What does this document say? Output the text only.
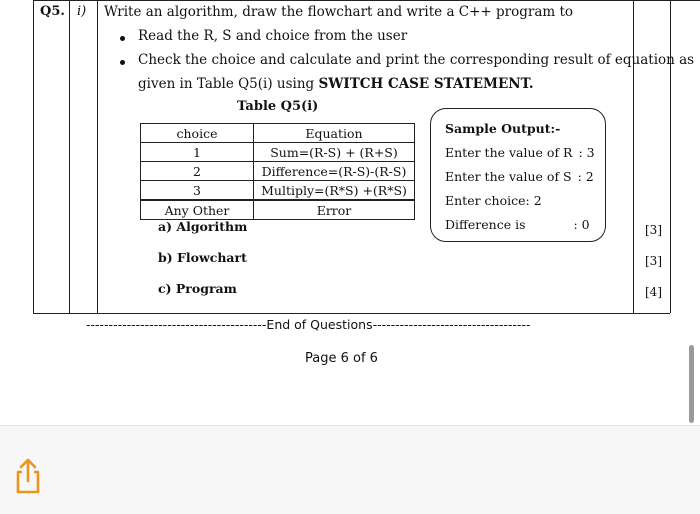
Q5. i) Write an algorithm, draw the flowchart and write a C++ program to
Read the R, S and choice from the user
Check the choice and calculate and print the corresponding result of equation as
given in Table Q5(i) using SWITCH CASE STATEMENT.
Table Q5(i)
choice	Equation
1	Sum=(R-S) + (R+S)
2	Difference=(R-S)-(R-S)
3	Multiply=(R*S) +(R*S)
Any Other	Error
Sample Output:-
Enter the value of R : 3
Enter the value of S : 2
Enter choice: 2
Difference is	: 0
a) Algorithm	[3]
b) Flowchart	[3]
c) Program	[4]
----------------------------------------End of Questions-----------------------------------
Page 6 of 6
